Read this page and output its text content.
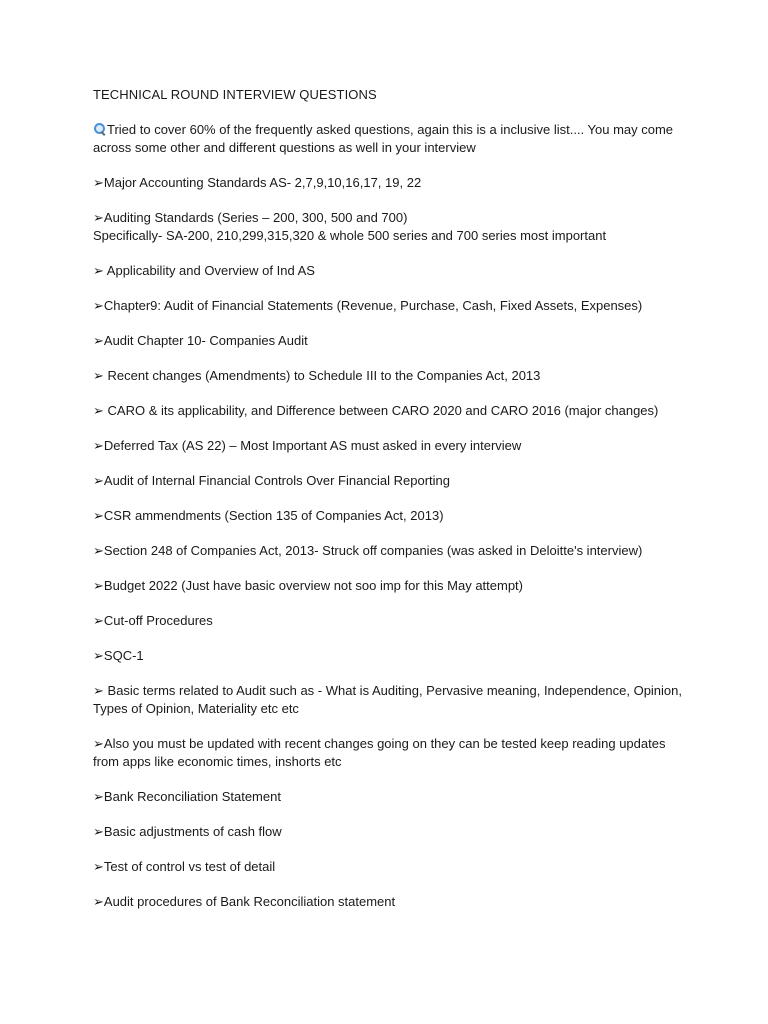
TECHNICAL ROUND INTERVIEW QUESTIONS
Tried to cover 60% of the frequently asked questions, again this is a inclusive list.... You may come across some other and different questions as well in your interview
➢Major Accounting Standards AS- 2,7,9,10,16,17, 19, 22
➢Auditing Standards (Series – 200, 300, 500 and 700)
Specifically- SA-200, 210,299,315,320 & whole 500 series and 700 series most important
➢ Applicability and Overview of Ind AS
➢Chapter9: Audit of Financial Statements (Revenue, Purchase, Cash, Fixed Assets, Expenses)
➢Audit Chapter 10- Companies Audit
➢ Recent changes (Amendments) to Schedule III to the Companies Act, 2013
➢ CARO & its applicability, and Difference between CARO 2020 and CARO 2016 (major changes)
➢Deferred Tax (AS 22) – Most Important AS must asked in every interview
➢Audit of Internal Financial Controls Over Financial Reporting
➢CSR ammendments (Section 135 of Companies Act, 2013)
➢Section 248 of Companies Act, 2013- Struck off companies (was asked in Deloitte's interview)
➢Budget 2022 (Just have basic overview not soo imp for this May attempt)
➢Cut-off Procedures
➢SQC-1
➢ Basic terms related to Audit such as - What is Auditing, Pervasive meaning, Independence, Opinion, Types of Opinion, Materiality etc etc
➢Also you must be updated with recent changes going on they can be tested keep reading updates from apps like economic times, inshorts etc
➢Bank Reconciliation Statement
➢Basic adjustments of cash flow
➢Test of control vs test of detail
➢Audit procedures of Bank Reconciliation statement
